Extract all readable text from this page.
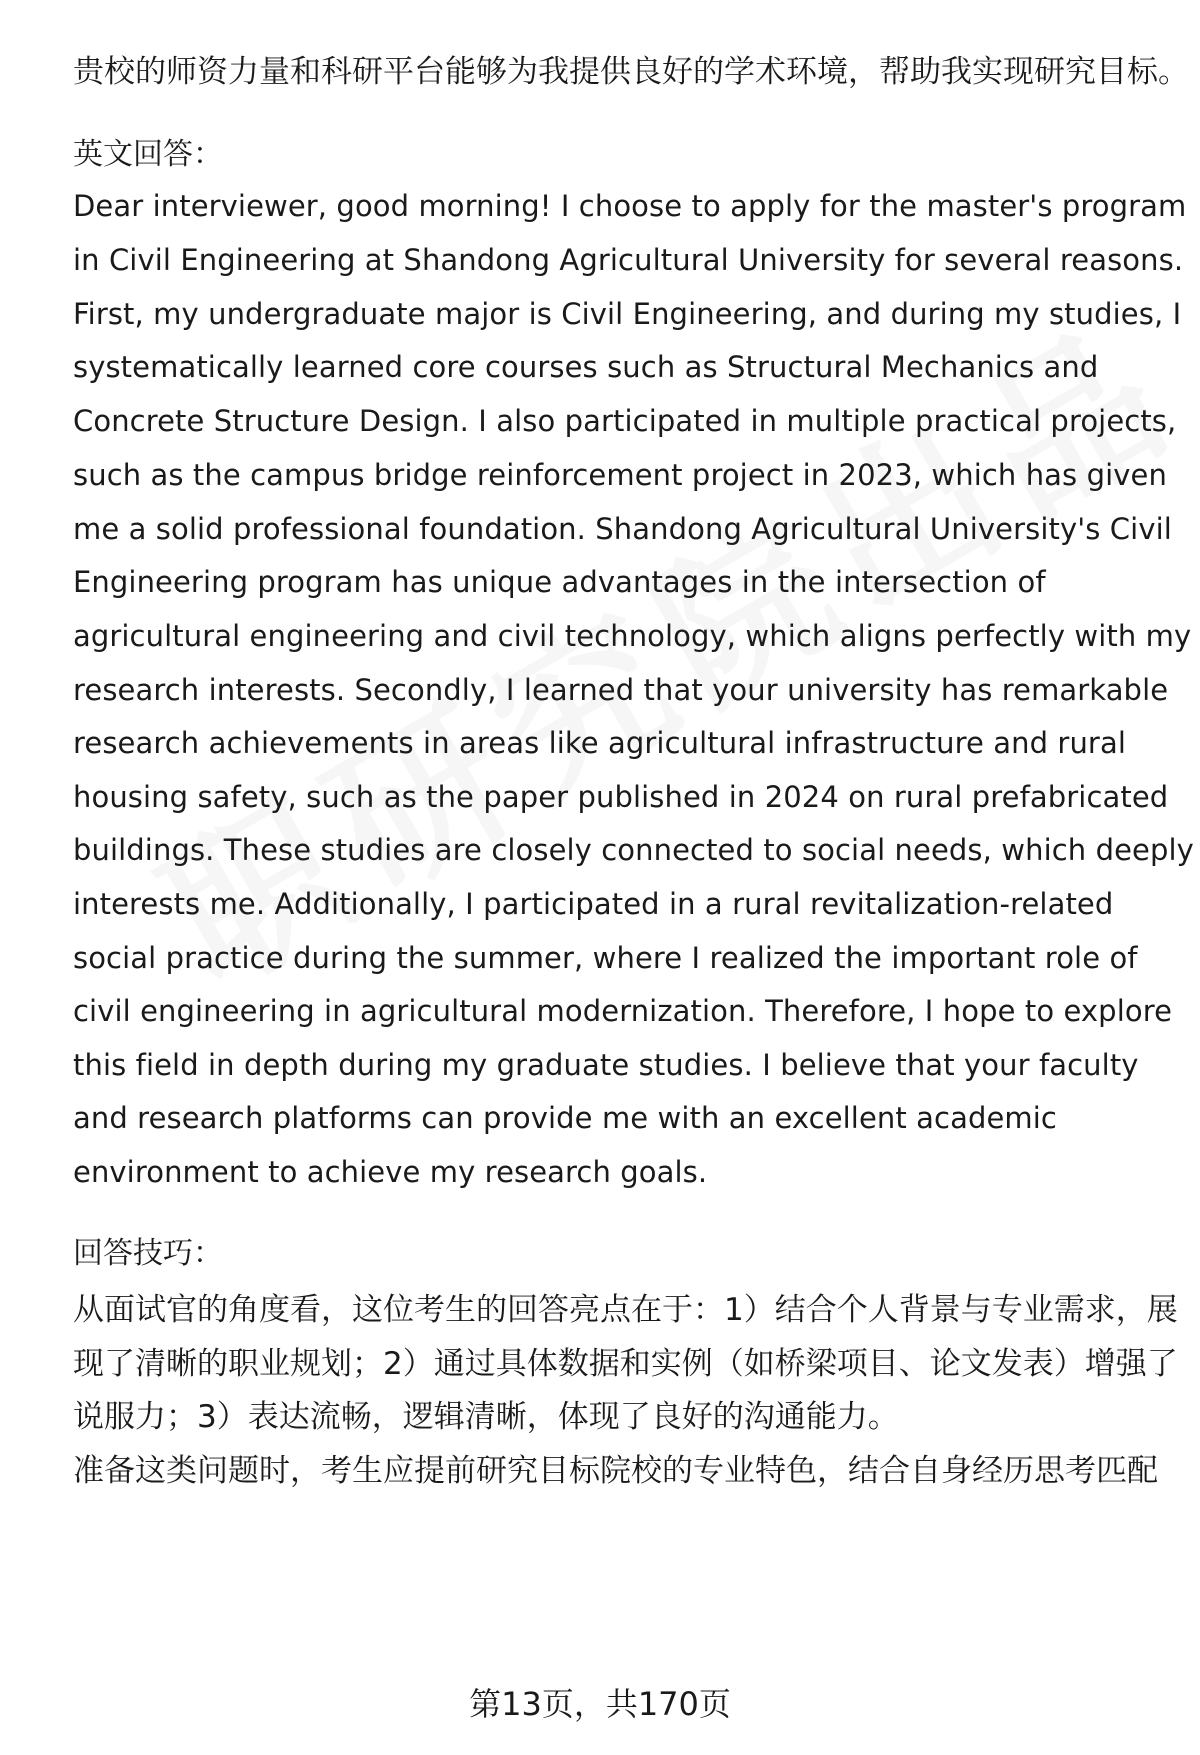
贵校的师资力量和科研平台能够为我提供良好的学术环境，帮助我实现研究目标。
英文回答：
Dear interviewer, good morning! I choose to apply for the master's program
in Civil Engineering at Shandong Agricultural University for several reasons.
First, my undergraduate major is Civil Engineering, and during my studies, I
systematically learned core courses such as Structural Mechanics and
Concrete Structure Design. I also participated in multiple practical projects,
such as the campus bridge reinforcement project in 2023, which has given
me a solid professional foundation. Shandong Agricultural University's Civil
Engineering program has unique advantages in the intersection of
agricultural engineering and civil technology, which aligns perfectly with my
research interests. Secondly, I learned that your university has remarkable
research achievements in areas like agricultural infrastructure and rural
housing safety, such as the paper published in 2024 on rural prefabricated
buildings. These studies are closely connected to social needs, which deeply
interests me. Additionally, I participated in a rural revitalization-related
social practice during the summer, where I realized the important role of
civil engineering in agricultural modernization. Therefore, I hope to explore
this field in depth during my graduate studies. I believe that your faculty
and research platforms can provide me with an excellent academic
environment to achieve my research goals.
回答技巧：
从面试官的角度看，这位考生的回答亮点在于：1）结合个人背景与专业需求，展
现了清晰的职业规划；2）通过具体数据和实例（如桥梁项目、论文发表）增强了
说服力；3）表达流畅，逻辑清晰，体现了良好的沟通能力。
准备这类问题时，考生应提前研究目标院校的专业特色，结合自身经历思考匹配
第13页，共170页
